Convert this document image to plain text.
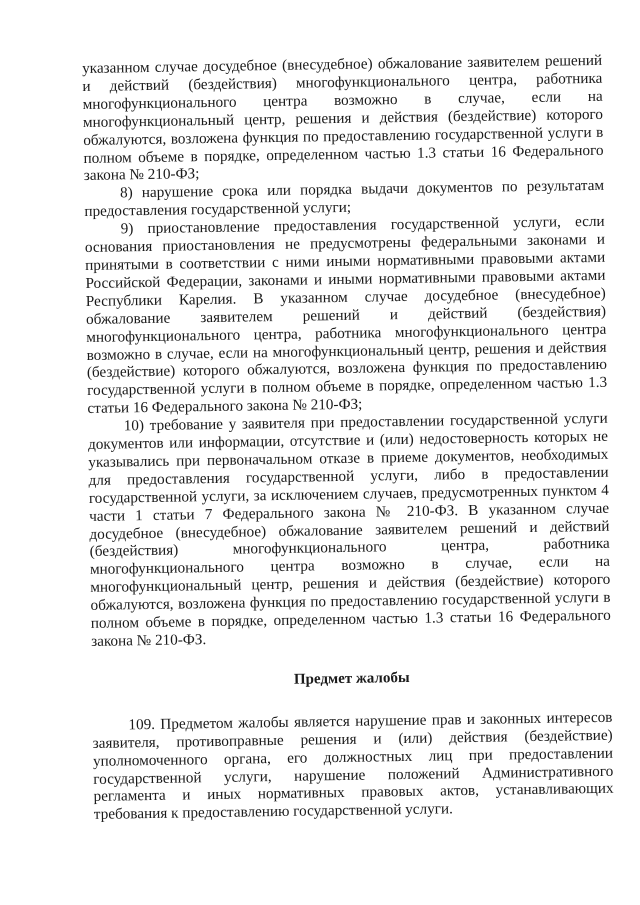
указанном случае досудебное (внесудебное) обжалование заявителем решений и действий (бездействия) многофункционального центра, работника многофункционального центра возможно в случае, если на многофункциональный центр, решения и действия (бездействие) которого обжалуются, возложена функция по предоставлению государственной услуги в полном объеме в порядке, определенном частью 1.3 статьи 16 Федерального закона № 210-ФЗ;

8) нарушение срока или порядка выдачи документов по результатам предоставления государственной услуги;

9) приостановление предоставления государственной услуги, если основания приостановления не предусмотрены федеральными законами и принятыми в соответствии с ними иными нормативными правовыми актами Российской Федерации, законами и иными нормативными правовыми актами Республики Карелия. В указанном случае досудебное (внесудебное) обжалование заявителем решений и действий (бездействия) многофункционального центра, работника многофункционального центра возможно в случае, если на многофункциональный центр, решения и действия (бездействие) которого обжалуются, возложена функция по предоставлению государственной услуги в полном объеме в порядке, определенном частью 1.3 статьи 16 Федерального закона № 210-ФЗ;

10) требование у заявителя при предоставлении государственной услуги документов или информации, отсутствие и (или) недостоверность которых не указывались при первоначальном отказе в приеме документов, необходимых для предоставления государственной услуги, либо в предоставлении государственной услуги, за исключением случаев, предусмотренных пунктом 4 части 1 статьи 7 Федерального закона № 210-ФЗ. В указанном случае досудебное (внесудебное) обжалование заявителем решений и действий (бездействия) многофункционального центра, работника многофункционального центра возможно в случае, если на многофункциональный центр, решения и действия (бездействие) которого обжалуются, возложена функция по предоставлению государственной услуги в полном объеме в порядке, определенном частью 1.3 статьи 16 Федерального закона № 210-ФЗ.

Предмет жалобы

109. Предметом жалобы является нарушение прав и законных интересов заявителя, противоправные решения и (или) действия (бездействие) уполномоченного органа, его должностных лиц при предоставлении государственной услуги, нарушение положений Административного регламента и иных нормативных правовых актов, устанавливающих требования к предоставлению государственной услуги.
